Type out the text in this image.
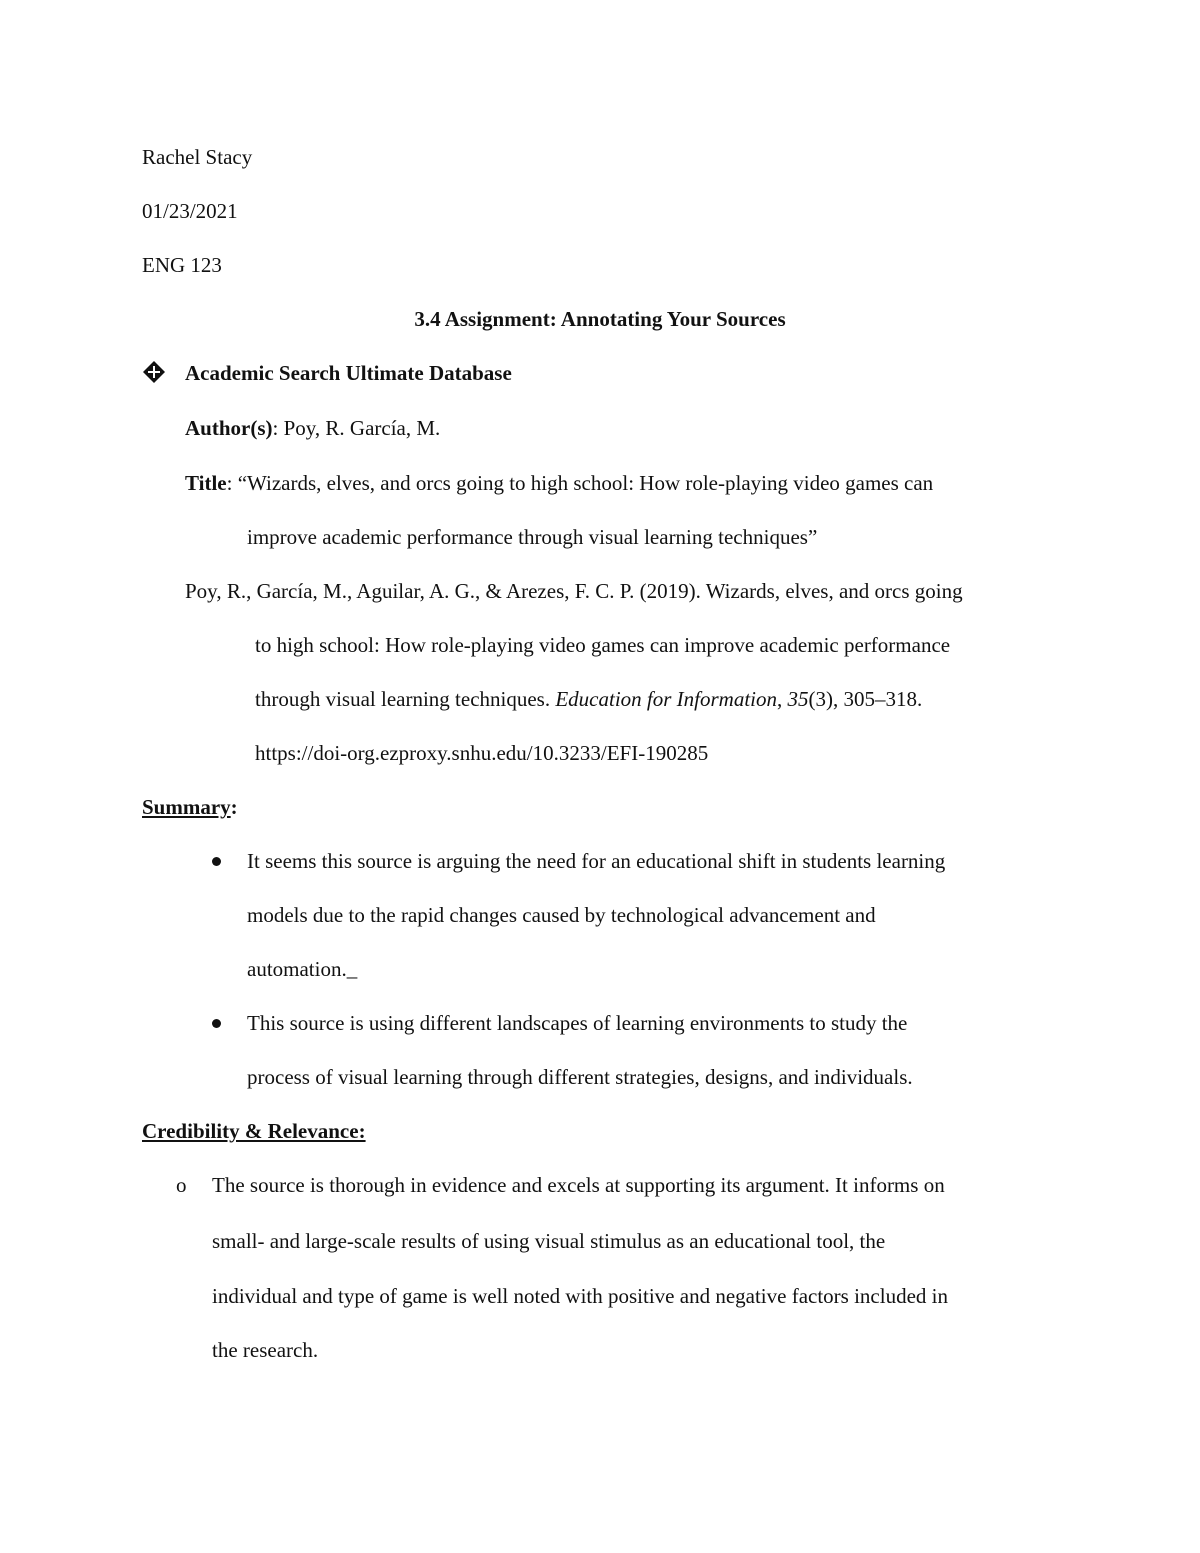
Rachel Stacy
01/23/2021
ENG 123
3.4 Assignment: Annotating Your Sources
Academic Search Ultimate Database
Author(s): Poy, R. García, M.
Title: “Wizards, elves, and orcs going to high school: How role-playing video games can
improve academic performance through visual learning techniques”
Poy, R., García, M., Aguilar, A. G., & Arezes, F. C. P. (2019). Wizards, elves, and orcs going
to high school: How role-playing video games can improve academic performance
through visual learning techniques. Education for Information, 35(3), 305–318.
https://doi-org.ezproxy.snhu.edu/10.3233/EFI-190285
Summary:
It seems this source is arguing the need for an educational shift in students learning
models due to the rapid changes caused by technological advancement and
automation._
This source is using different landscapes of learning environments to study the
process of visual learning through different strategies, designs, and individuals.
Credibility & Relevance:
o The source is thorough in evidence and excels at supporting its argument. It informs on
small- and large-scale results of using visual stimulus as an educational tool, the
individual and type of game is well noted with positive and negative factors included in
the research.
